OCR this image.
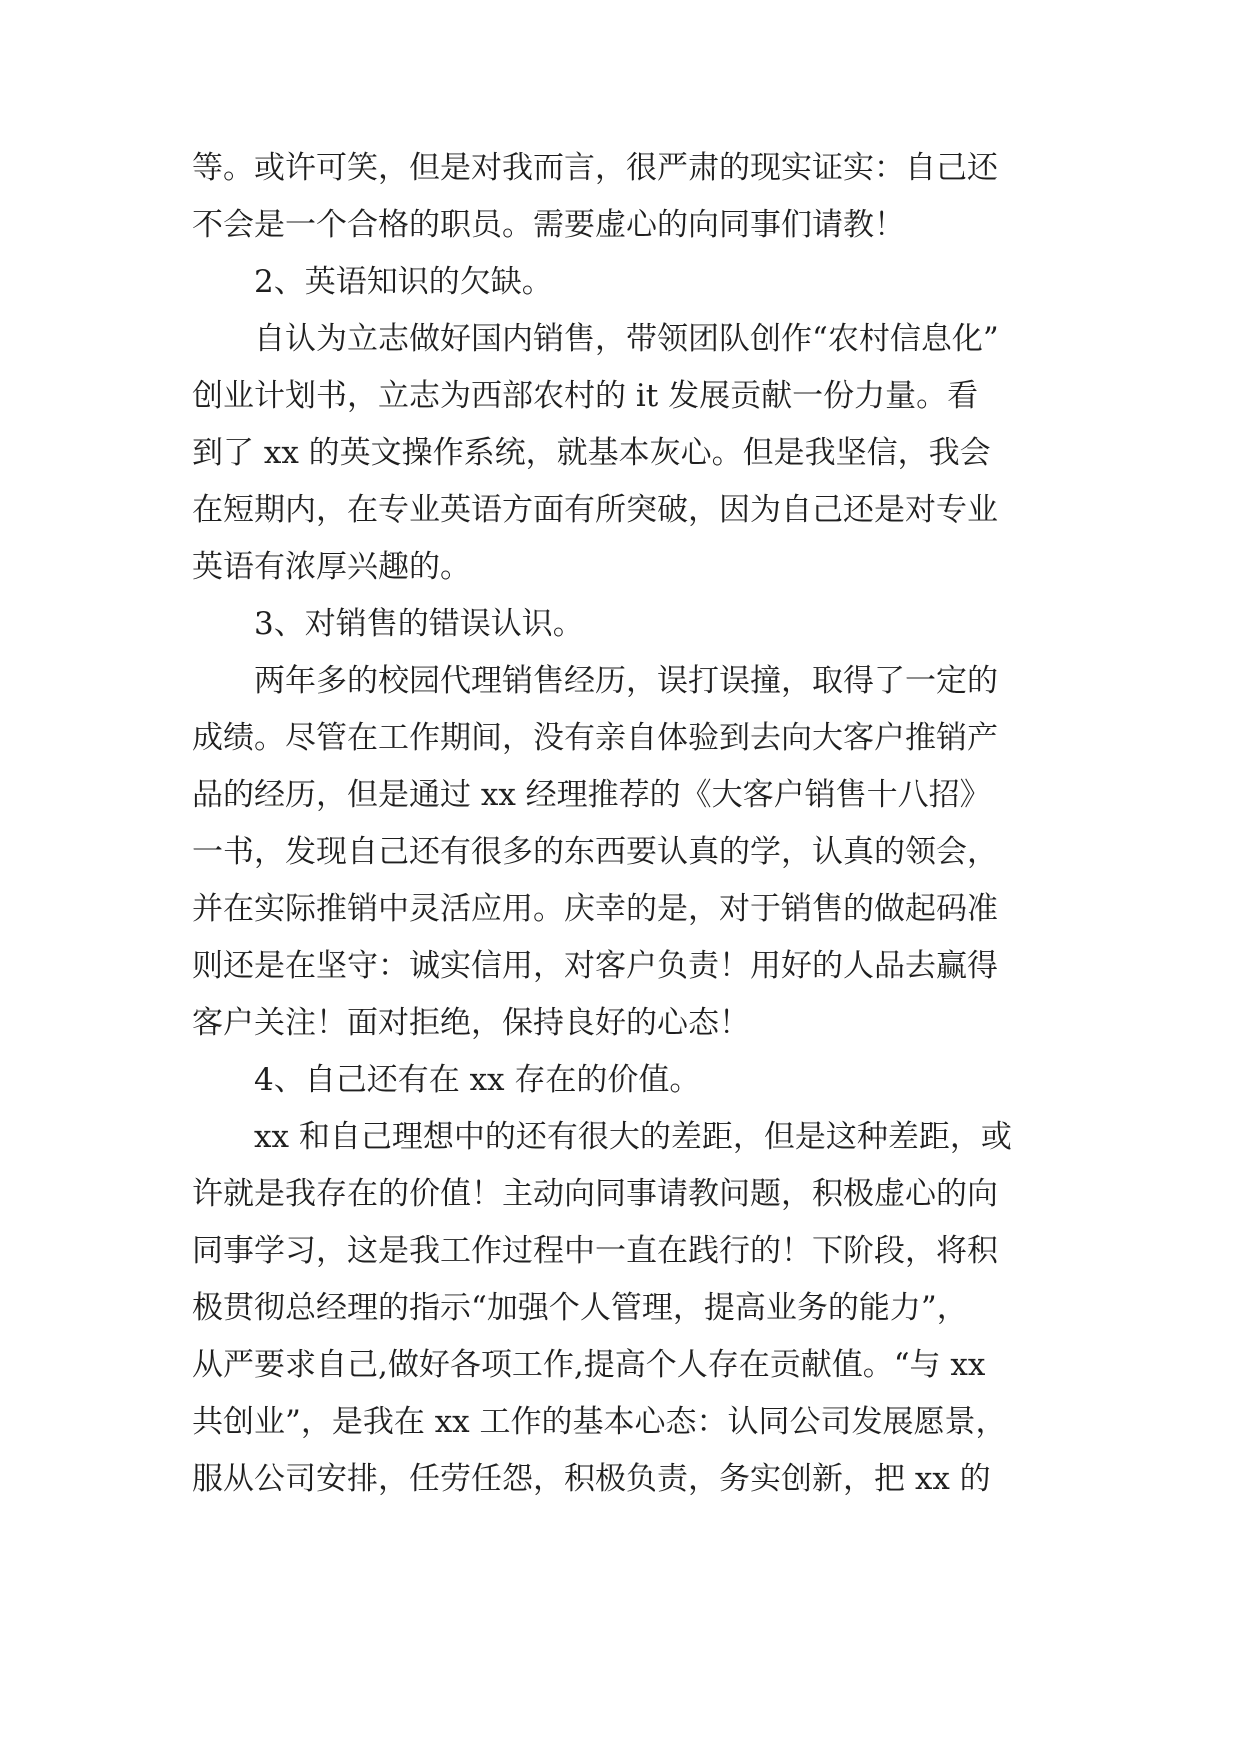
等。或许可笑，但是对我而言，很严肃的现实证实：自己还
不会是一个合格的职员。需要虚心的向同事们请教！
2、英语知识的欠缺。
自认为立志做好国内销售，带领团队创作“农村信息化”
创业计划书，立志为西部农村的 it 发展贡献一份力量。看
到了 xx 的英文操作系统，就基本灰心。但是我坚信，我会
在短期内，在专业英语方面有所突破，因为自己还是对专业
英语有浓厚兴趣的。
3、对销售的错误认识。
两年多的校园代理销售经历，误打误撞，取得了一定的
成绩。尽管在工作期间，没有亲自体验到去向大客户推销产
品的经历，但是通过 xx 经理推荐的《大客户销售十八招》
一书，发现自己还有很多的东西要认真的学，认真的领会，
并在实际推销中灵活应用。庆幸的是，对于销售的做起码准
则还是在坚守：诚实信用，对客户负责！用好的人品去赢得
客户关注！面对拒绝，保持良好的心态！
4、自己还有在 xx 存在的价值。
xx 和自己理想中的还有很大的差距，但是这种差距，或
许就是我存在的价值！主动向同事请教问题，积极虚心的向
同事学习，这是我工作过程中一直在践行的！下阶段，将积
极贯彻总经理的指示“加强个人管理，提高业务的能力”，
从严要求自己,做好各项工作,提高个人存在贡献值。“与 xx
共创业”，是我在 xx 工作的基本心态：认同公司发展愿景，
服从公司安排，任劳任怨，积极负责，务实创新，把 xx 的
